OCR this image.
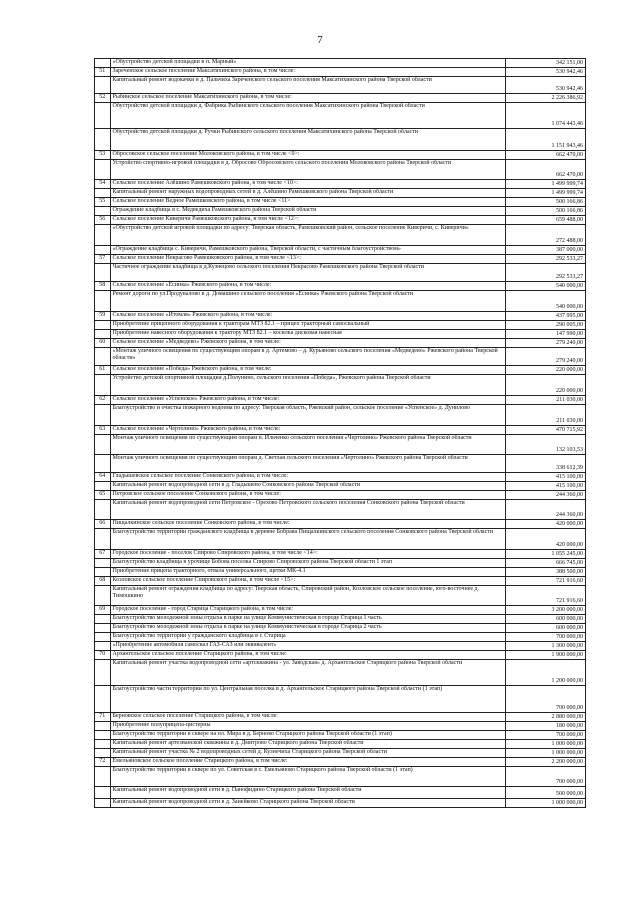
7
	«Обустройство детской площадки в п. Марный»	342 151,00
51	Зареченское сельское поселение Максатихинского района, в том числе:	530 942,46
	Капитальный ремонт водокачки в д. Пальчиха Зареченского сельского поселения Максатихинского района Тверской области	530 942,46
52	Рыбинское сельское поселение Максатихинского района, в том числе:	2 226 386,92
	Обустройство детской площадки д. Фабрика Рыбинского сельского поселения Максатихинского района Тверской области	1 074 443,46
	Обустройство детской площадки д. Ручки Рыбинского сельского поселения Максатихинского района Тверской области	1 151 943,46
53	Обросовское сельское поселение Молоковского района, в том числе <9>:	662 470,00
	Устройство спортивно-игровой площадки в д. Обросово Обросовского сельского поселения Молоковского района Тверской области	662 470,00
54	Сельское поселение Алёшино Рамешковского района, в том числе <10>:	1 499 999,74
	Капитальный ремонт наружных водопроводных сетей в д. Алёшино Рамешковского района Тверской области	1 499 999,74
55	Сельское поселение Ведное Рамешковского района, в том числе <11>	500 166,86
	Ограждение кладбища в с. Медведиха Рамешковского района Тверской области	500 166,86
56	Сельское поселение Киверичи Рамешковского района, в том числе <12>:	659 488,00
	«Обустройство детской игровой площадки по адресу: Тверская область, Рамешковский район, сельское поселение Киверичи, с. Киверичи»	272 488,00
	«Ограждение кладбища с. Киверичи, Рамешковского района, Тверской области, с частичным благоустройством»	387 000,00
57	Сельское поселение Некрасово Рамешковского района, в том числе <13>:	292 533,27
	Частичное ограждение кладбища в д.Кузнецово сельского поселения Некрасово Рамешковского района Тверской области	292 533,27
58	Сельское поселение «Есинка» Ржевского района, в том числе:	540 000,00
	Ремонт дороги по ул.Продувалово в д. Домашино сельского поселения «Есинка» Ржевского района Тверской области	540 000,00
59	Сельское поселение «Итомля» Ржевского района, в том числе:	437 995,00
	Приобретение прицепного оборудования к тракторам МТЗ 82.1 – прицеп тракторный самосвальный	290 005,00
	Приобретение навесного оборудования к трактору МТЗ 82.1 – косилка дисковая навесная	147 990,00
60	Сельское поселение «Медведево» Ржевского района, в том числе:	279 240,00
	«Монтаж уличного освещения по существующим опорам в д. Артемово – д. Курьяново сельского поселения «Медведево» Ржевского района Тверской области»	279 240,00
61	Сельское поселение «Победа» Ржевского района, в том числе:	220 000,00
	Устройство детской спортивной площадки д.Полунино, сельского поселения «Победа», Ржевского района Тверской области	220 000,00
62	Сельское поселение «Успенское» Ржевского района, в том числе:	211 030,00
	Благоустройство и очистка пожарного водоема по адресу: Тверская область, Ржевский район, сельское поселение «Успенское» д. Дунилово	211 030,00
63	Сельское поселение «Чертолино» Ржевского района, в том числе:	470 715,92
	Монтаж уличного освещения по существующим опорам п. Ильченко сельского поселения «Чертолино» Ржевского района Тверской области	132 103,53
	Монтаж уличного освещения по существующим опорам д. Светлая сельского поселения «Чертолино» Ржевского района Тверской области	338 612,39
64	Гладышевское сельское поселение Сонковского района, в том числе:	415 100,00
	Капитальный ремонт водопроводной сети в д. Гладышево Сонковского района Тверской области	415 100,00
65	Петровское сельское поселение Сонковского района, в том числе:	244 360,00
	Капитальный ремонт водопроводной сети Петровское - Орехово Петровского сельского поселения Сонковского района Тверской области	244 360,00
66	Пищалкинское сельское поселение Сонковского района, в том числе:	420 000,00
	Благоустройство территории гражданского кладбища в деревне Бобрава Пищалкинского сельского поселения Сонковского района Тверской области	420 000,00
67	Городское поселение - поселок Спирово Спировского района, в том числе <14>:	1 055 245,00
	Благоустройство кладбища в урочище Бобова поселка Спирово Спировского района Тверской области 1 этап	666 745,00
	Приобретение прицепа тракторного, отвала универсального, щетки МК-4.1	388 500,00
68	Козловское сельское поселение Спировского района, в том числе <15>:	721 916,60
	Капитальный ремонт ограждения кладбища по адресу: Тверская область, Спировский район, Козловское сельское поселение, юго-восточнее д. Тимошкино	721 916,60
69	Городское поселение - город Старица Старицкого района, в том числе:	3 200 000,00
	Благоустройство молодежной зоны отдыха в парке на улице Коммунистическая в городе Старица 1 часть	600 000,00
	Благоустройство молодежной зоны отдыха в парке на улице Коммунистическая в городе Старица 2 часть	600 000,00
	Благоустройство территории у гражданского кладбища в г. Старица	700 000,00
	«Приобретение автомобиля самосвал ГАЗ-САЗ или эквивалент»	1 300 000,00
70	Архангельское сельское поселение Старицкого района, в том числе:	1 900 000,00
	Капитальный ремонт участка водопроводной сети «артскважина - ул. Заводская» д. Архангельское Старицкого района Тверской области	1 200 000,00
	Благоустройство части территории по ул. Центральная поселка в д. Архангельское Старицкого района Тверской области (1 этап)	700 000,00
71	Берновское сельское поселение Старицкого района, в том числе:	2 880 000,00
	Приобретение полуприцепа-цистерны	180 000,00
	Благоустройство территории в сквере на пл. Мира в д. Берново Старицкого района Тверской области (1 этап)	700 000,00
	Капитальный ремонт артезианской скважины в д. Дмитрово Старицкого района Тверской области	1 000 000,00
	Капитальный ремонт участка № 2 водопроводных сетей д. Кузнечиха Старицкого района Тверской области	1 000 000,00
72	Емельяновское сельское поселение Старицкого района, в том числе:	2 200 000,00
	Благоустройство территории в сквере по ул. Советская в с. Емельяново Старицкого района Тверской области (1 этап)	700 000,00
	Капитальный ремонт водопроводной сети в д. Панофидино Старицкого района Тверской области	500 000,00
	Капитальный ремонт водопроводной сети в д. Заиейково Старицкого района Тверской области	1 000 000,00
